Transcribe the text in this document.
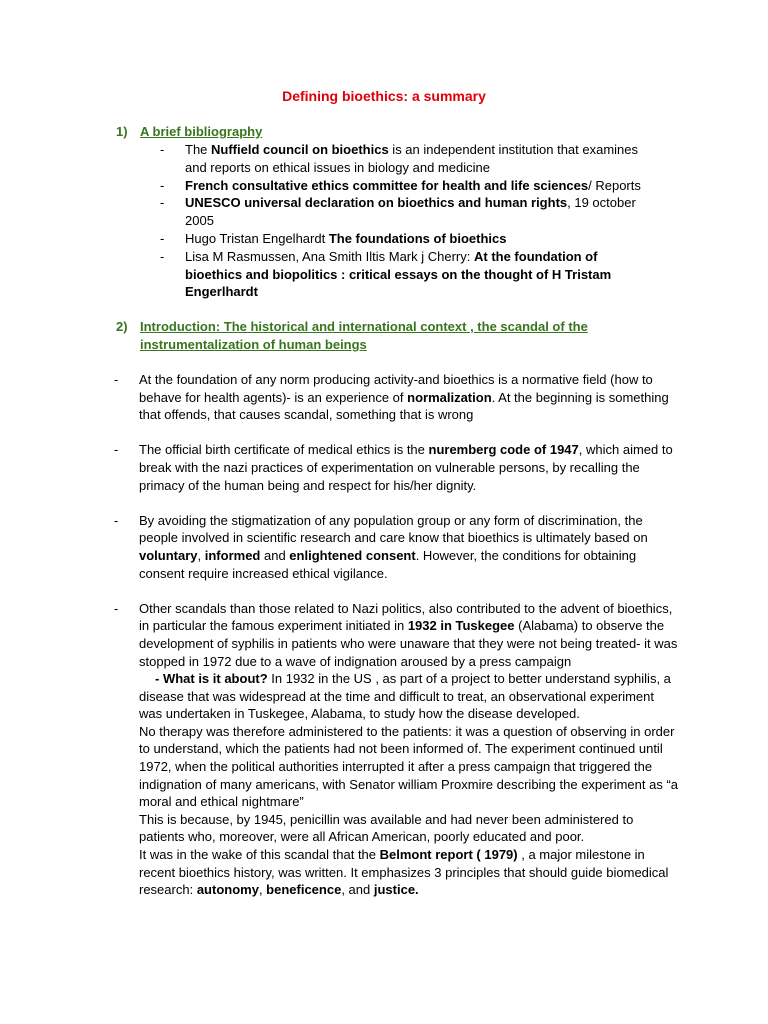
Defining bioethics: a summary
1) A brief bibliography
- The Nuffield council on bioethics is an independent institution that examines and reports on ethical issues in biology and medicine
- French consultative ethics committee for health and life sciences/ Reports
- UNESCO universal declaration on bioethics and human rights, 19 october 2005
- Hugo Tristan Engelhardt The foundations of bioethics
- Lisa M Rasmussen, Ana Smith Iltis Mark j Cherry: At the foundation of bioethics and biopolitics : critical essays on the thought of H Tristam Engerlhardt
2) Introduction: The historical and international context , the scandal of the instrumentalization of human beings
- At the foundation of any norm producing activity-and bioethics is a normative field (how to behave for health agents)- is an experience of normalization. At the beginning is something that offends, that causes scandal, something that is wrong
- The official birth certificate of medical ethics is the nuremberg code of 1947, which aimed to break with the nazi practices of experimentation on vulnerable persons, by recalling the primacy of the human being and respect for his/her dignity.
- By avoiding the stigmatization of any population group or any form of discrimination, the people involved in scientific research and care know that bioethics is ultimately based on voluntary, informed and enlightened consent. However, the conditions for obtaining consent require increased ethical vigilance.
- Other scandals than those related to Nazi politics, also contributed to the advent of bioethics, in particular the famous experiment initiated in 1932 in Tuskegee (Alabama) to observe the development of syphilis in patients who were unaware that they were not being treated- it was stopped in 1972 due to a wave of indignation aroused by a press campaign
- What is it about? In 1932 in the US , as part of a project to better understand syphilis, a disease that was widespread at the time and difficult to treat, an observational experiment was undertaken in Tuskegee, Alabama, to study how the disease developed.
No therapy was therefore administered to the patients: it was a question of observing in order to understand, which the patients had not been informed of. The experiment continued until 1972, when the political authorities interrupted it after a press campaign that triggered the indignation of many americans, with Senator william Proxmire describing the experiment as “a moral and ethical nightmare”
This is because, by 1945, penicillin was available and had never been administered to patients who, moreover, were all African American, poorly educated and poor.
It was in the wake of this scandal that the Belmont report ( 1979) , a major milestone in recent bioethics history, was written. It emphasizes 3 principles that should guide biomedical research: autonomy, beneficence, and justice.
